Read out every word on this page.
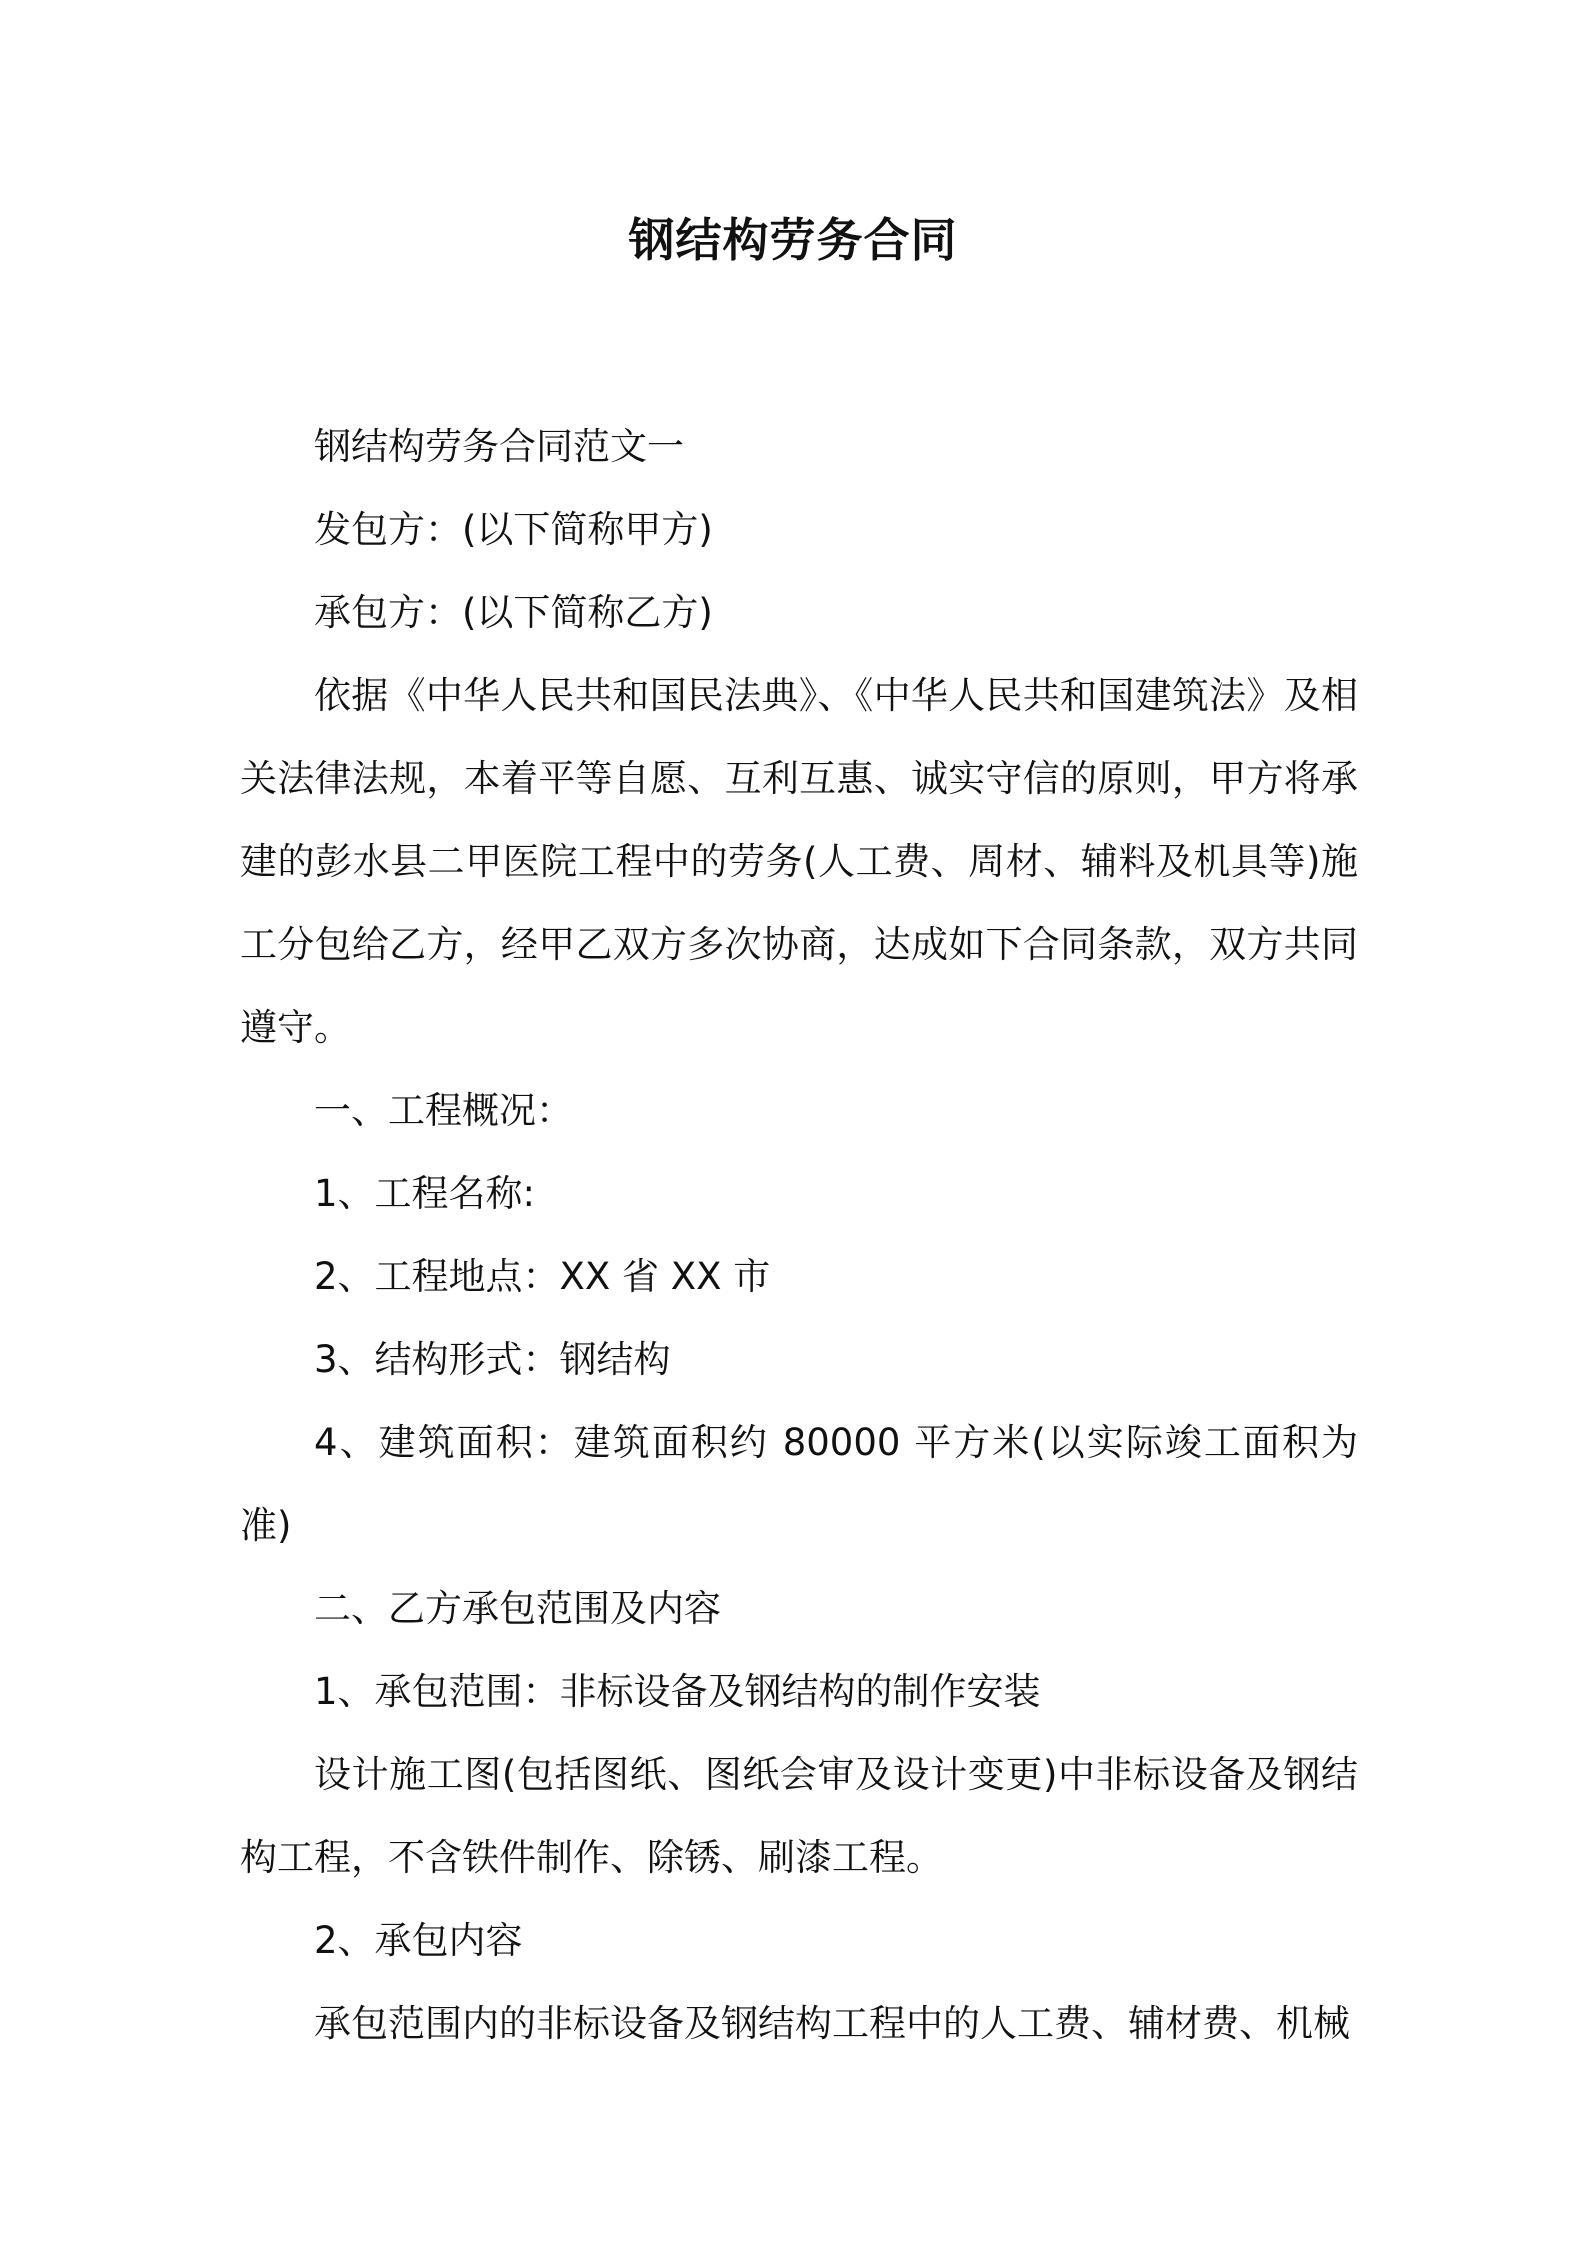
钢结构劳务合同

钢结构劳务合同范文一

发包方：(以下简称甲方)

承包方：(以下简称乙方)

依据《中华人民共和国民法典》、《中华人民共和国建筑法》及相关法律法规，本着平等自愿、互利互惠、诚实守信的原则，甲方将承建的彭水县二甲医院工程中的劳务(人工费、周材、辅料及机具等)施工分包给乙方，经甲乙双方多次协商，达成如下合同条款，双方共同遵守。

一、工程概况：

1、工程名称:

2、工程地点：XX 省 XX 市

3、结构形式：钢结构

4、建筑面积：建筑面积约 80000 平方米(以实际竣工面积为准)

二、乙方承包范围及内容

1、承包范围：非标设备及钢结构的制作安装

设计施工图(包括图纸、图纸会审及设计变更)中非标设备及钢结构工程，不含铁件制作、除锈、刷漆工程。

2、承包内容

承包范围内的非标设备及钢结构工程中的人工费、辅材费、机械
